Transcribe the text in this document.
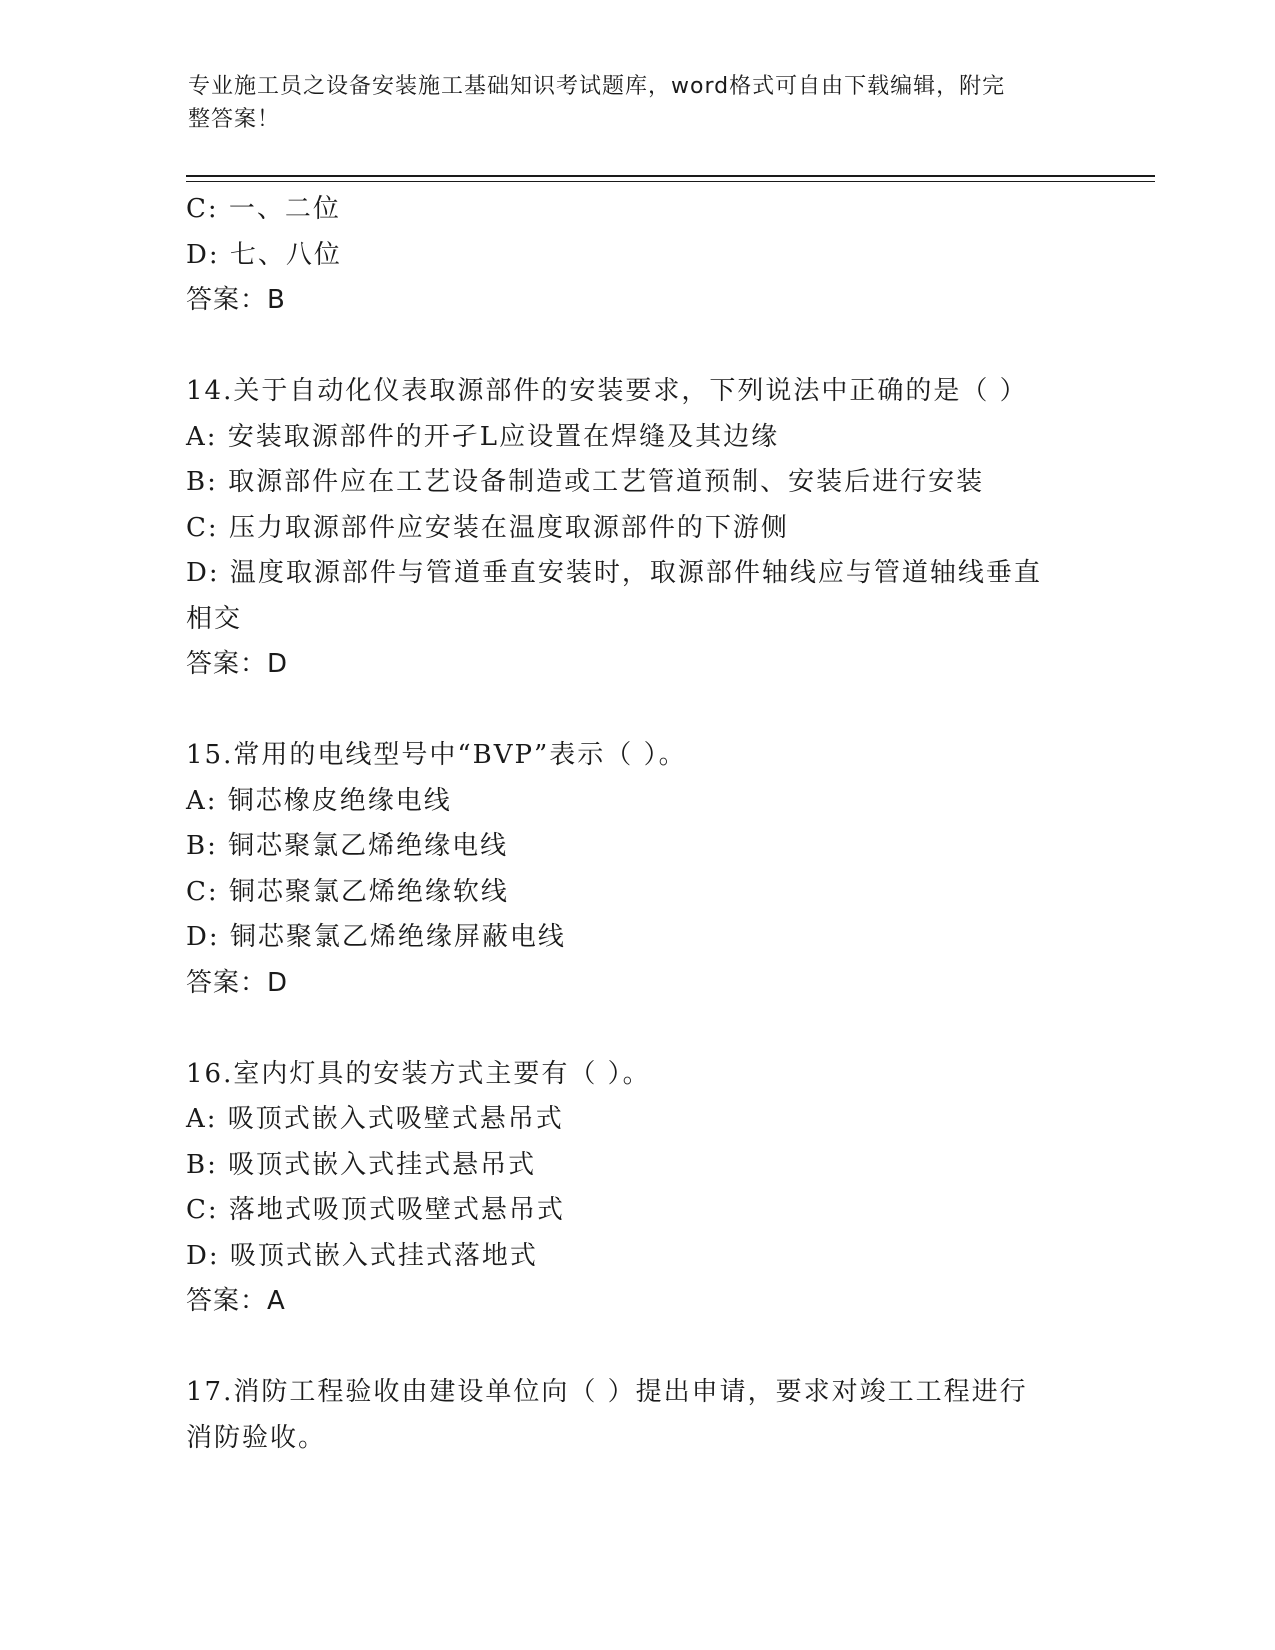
专业施工员之设备安装施工基础知识考试题库，word格式可自由下载编辑，附完
整答案！
C: 一、二位
D: 七、八位
答案：B
14.关于自动化仪表取源部件的安装要求，下列说法中正确的是（ ）
A: 安装取源部件的开孑L应设置在焊缝及其边缘
B: 取源部件应在工艺设备制造或工艺管道预制、安装后进行安装
C: 压力取源部件应安装在温度取源部件的下游侧
D: 温度取源部件与管道垂直安装时，取源部件轴线应与管道轴线垂直
相交
答案：D
15.常用的电线型号中“BVP”表示（ ）。
A: 铜芯橡皮绝缘电线
B: 铜芯聚氯乙烯绝缘电线
C: 铜芯聚氯乙烯绝缘软线
D: 铜芯聚氯乙烯绝缘屏蔽电线
答案：D
16.室内灯具的安装方式主要有（ ）。
A: 吸顶式嵌入式吸壁式悬吊式
B: 吸顶式嵌入式挂式悬吊式
C: 落地式吸顶式吸壁式悬吊式
D: 吸顶式嵌入式挂式落地式
答案：A
17.消防工程验收由建设单位向（ ）提出申请，要求对竣工工程进行
消防验收。
